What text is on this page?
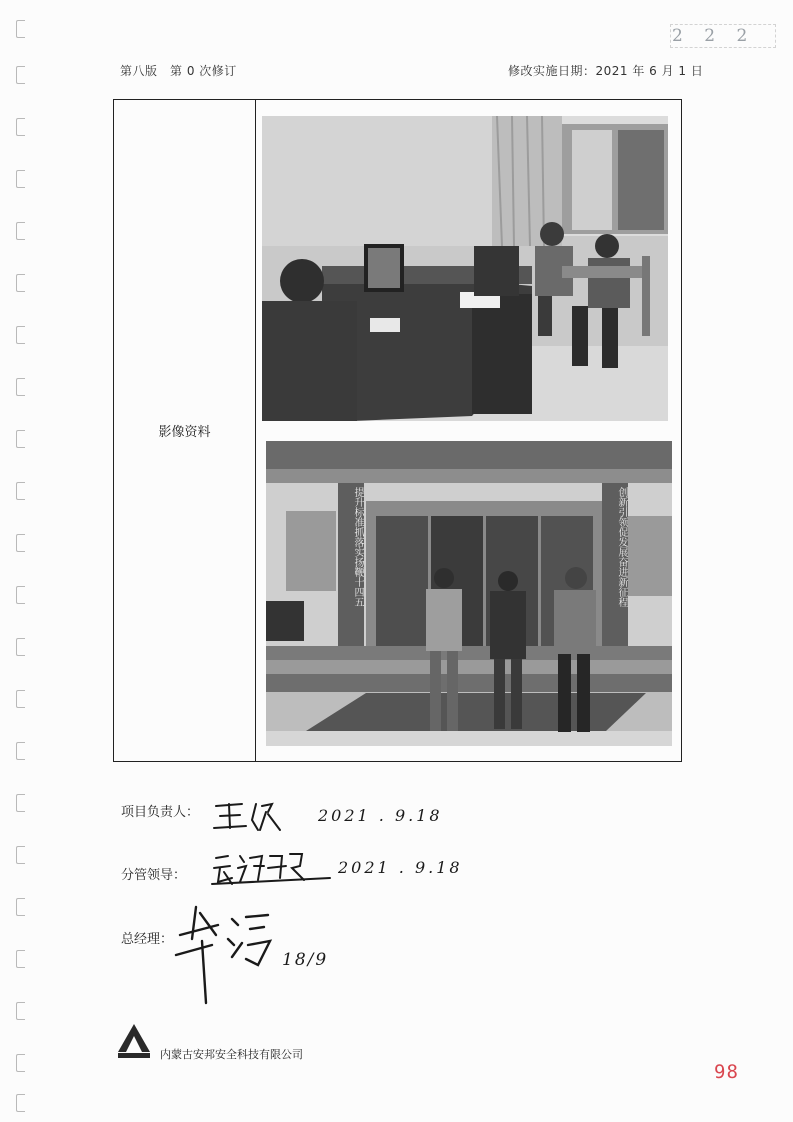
2 2 2
第八版　第 0 次修订	修改实施日期：2021 年 6 月 1 日
影像资料
提升标准抓落实扬鞭十四五	创新引领促发展奋进新征程
项目负责人：	2021 . 9.18
分管领导：	2021 . 9.18
总经理：
18/9
内蒙古安邦安全科技有限公司
98
